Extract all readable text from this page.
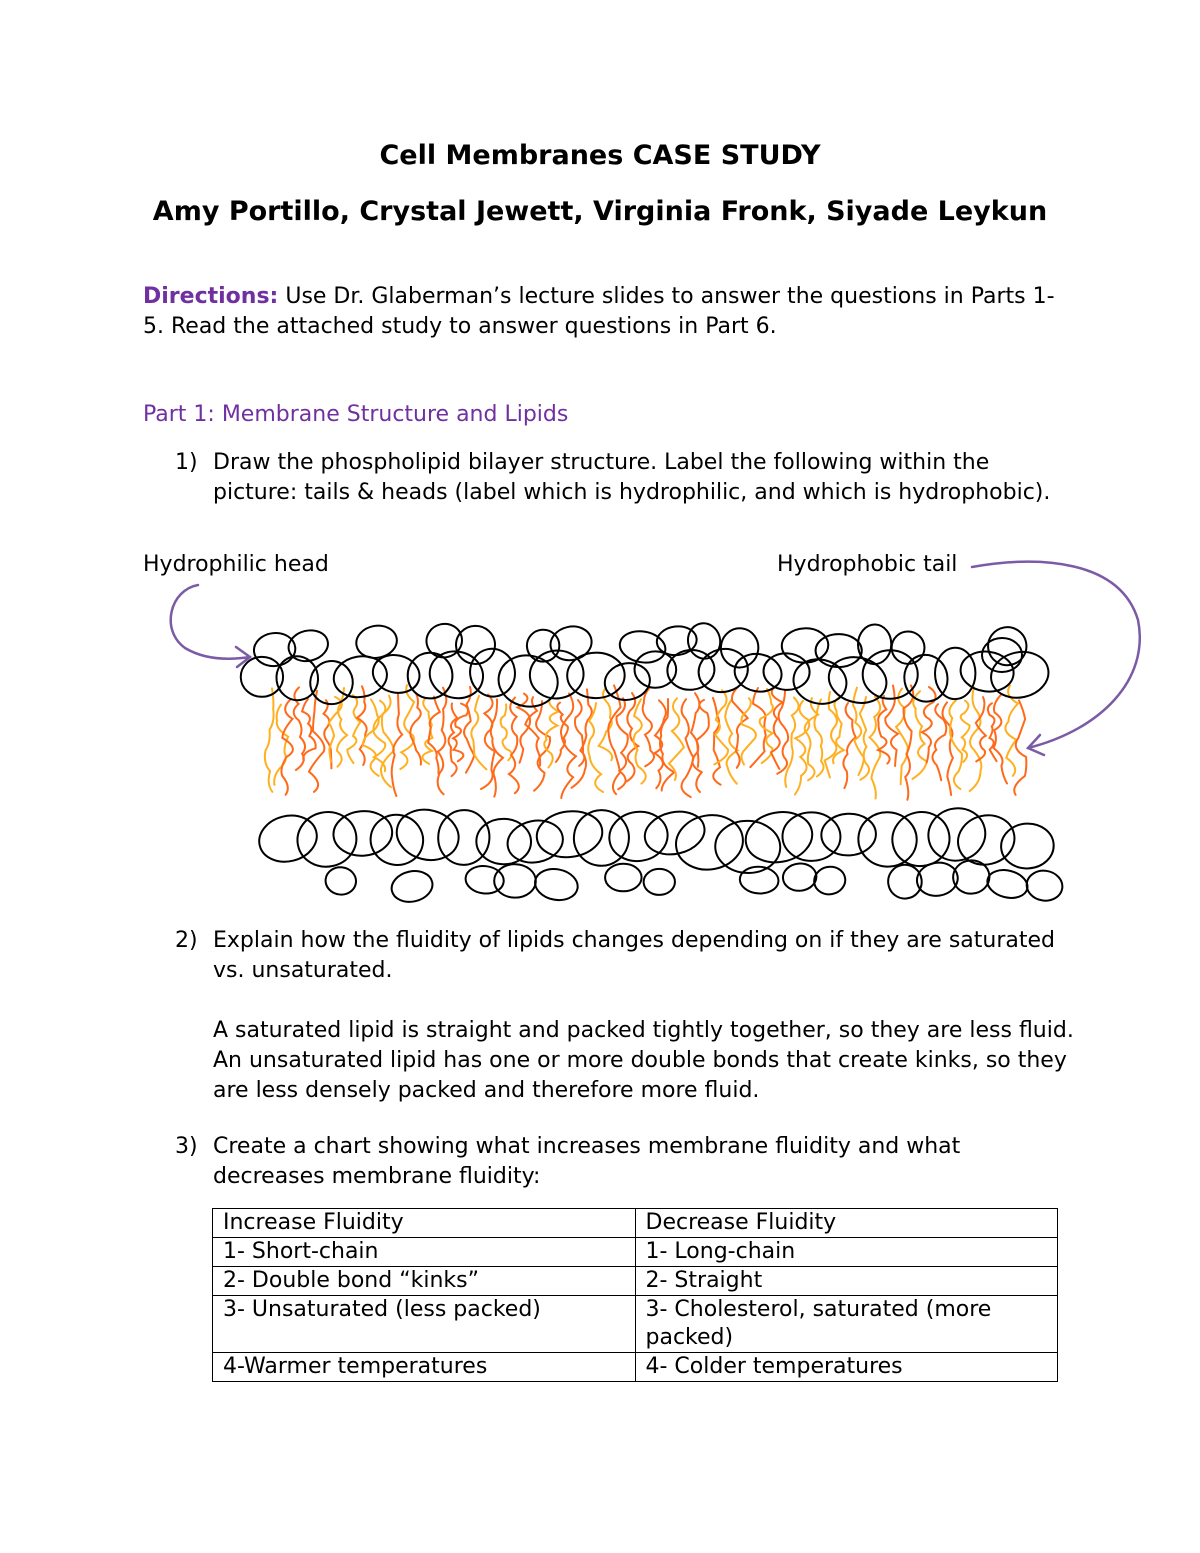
Cell Membranes CASE STUDY
Amy Portillo, Crystal Jewett, Virginia Fronk, Siyade Leykun

Directions: Use Dr. Glaberman’s lecture slides to answer the questions in Parts 1-5. Read the attached study to answer questions in Part 6.

Part 1: Membrane Structure and Lipids
1) Draw the phospholipid bilayer structure. Label the following within the picture: tails & heads (label which is hydrophilic, and which is hydrophobic).
Hydrophilic head	Hydrophobic tail
2) Explain how the fluidity of lipids changes depending on if they are saturated vs. unsaturated.
A saturated lipid is straight and packed tightly together, so they are less fluid. An unsaturated lipid has one or more double bonds that create kinks, so they are less densely packed and therefore more fluid.
3) Create a chart showing what increases membrane fluidity and what decreases membrane fluidity:
Increase Fluidity	Decrease Fluidity
1- Short-chain	1- Long-chain
2- Double bond “kinks”	2- Straight
3- Unsaturated (less packed)	3- Cholesterol, saturated (more packed)
4-Warmer temperatures	4- Colder temperatures
